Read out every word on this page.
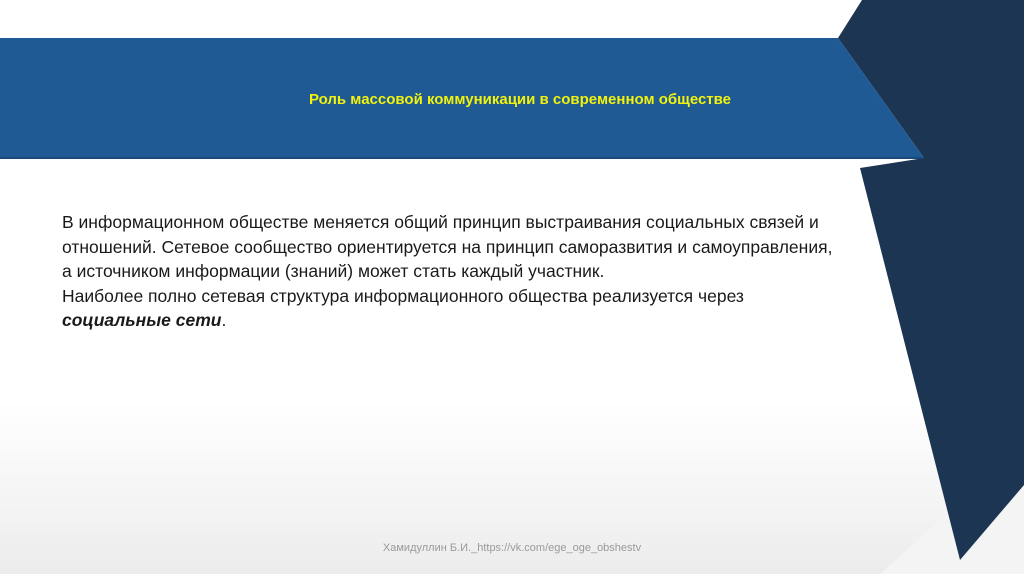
Роль массовой коммуникации в современном обществе
В информационном обществе меняется общий принцип выстраивания социальных связей и
отношений. Сетевое сообщество ориентируется на принцип саморазвития и самоуправления,
а источником информации (знаний) может стать каждый участник.
Наиболее полно сетевая структура информационного общества реализуется через
социальные сети.
Хамидуллин Б.И._https://vk.com/ege_oge_obshestv
